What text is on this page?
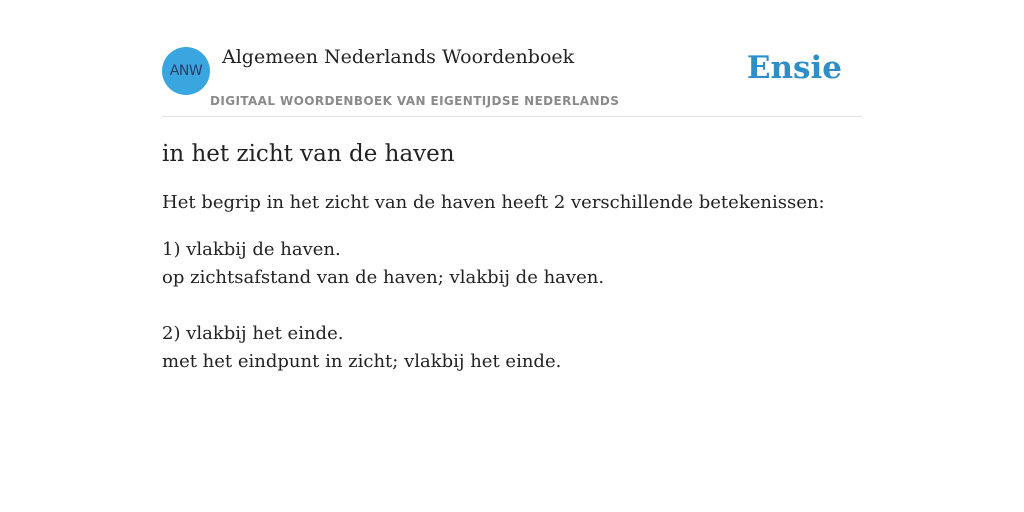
ANW
Algemeen Nederlands Woordenboek
DIGITAAL WOORDENBOEK VAN EIGENTIJDSE NEDERLANDS
Ensie
in het zicht van de haven

Het begrip in het zicht van de haven heeft 2 verschillende betekenissen:

1) vlakbij de haven.
op zichtsafstand van de haven; vlakbij de haven.
2) vlakbij het einde.
met het eindpunt in zicht; vlakbij het einde.
